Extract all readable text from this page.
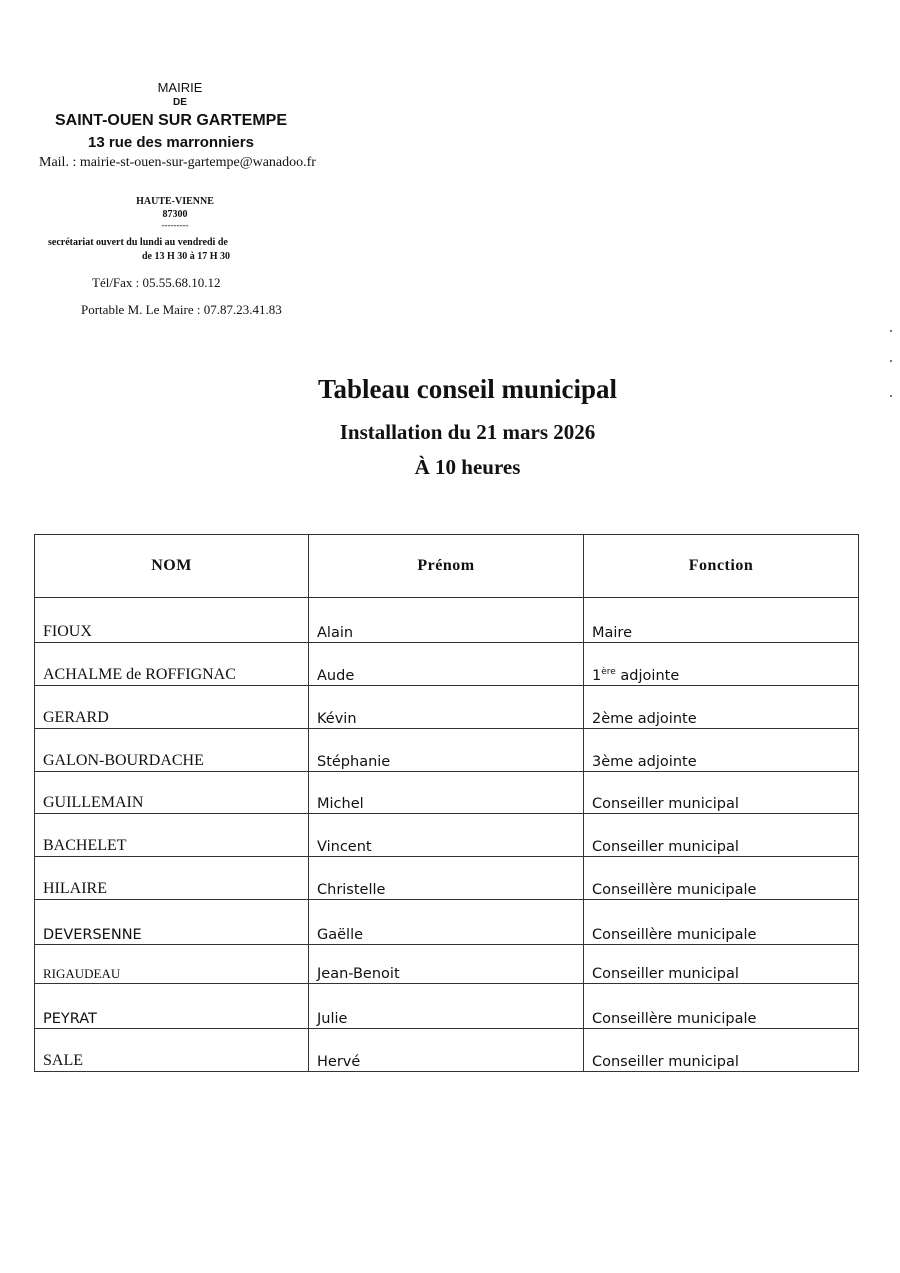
MAIRIE
DE
SAINT-OUEN SUR GARTEMPE
13 rue des marronniers
Mail. : mairie-st-ouen-sur-gartempe@wanadoo.fr
HAUTE-VIENNE
87300
---------
secrétariat ouvert du lundi au vendredi de
de 13 H 30 à 17 H 30
Tél/Fax : 05.55.68.10.12
Portable M. Le Maire : 07.87.23.41.83
Tableau conseil municipal
Installation du 21 mars 2026
À 10 heures
NOM	Prénom	Fonction
FIOUX	Alain	Maire
ACHALME de ROFFIGNAC	Aude	1ère adjointe
GERARD	Kévin	2ème adjointe
GALON-BOURDACHE	Stéphanie	3ème adjointe
GUILLEMAIN	Michel	Conseiller municipal
BACHELET	Vincent	Conseiller municipal
HILAIRE	Christelle	Conseillère municipale
DEVERSENNE	Gaëlle	Conseillère municipale
RIGAUDEAU	Jean-Benoit	Conseiller municipal
PEYRAT	Julie	Conseillère municipale
SALE	Hervé	Conseiller municipal
